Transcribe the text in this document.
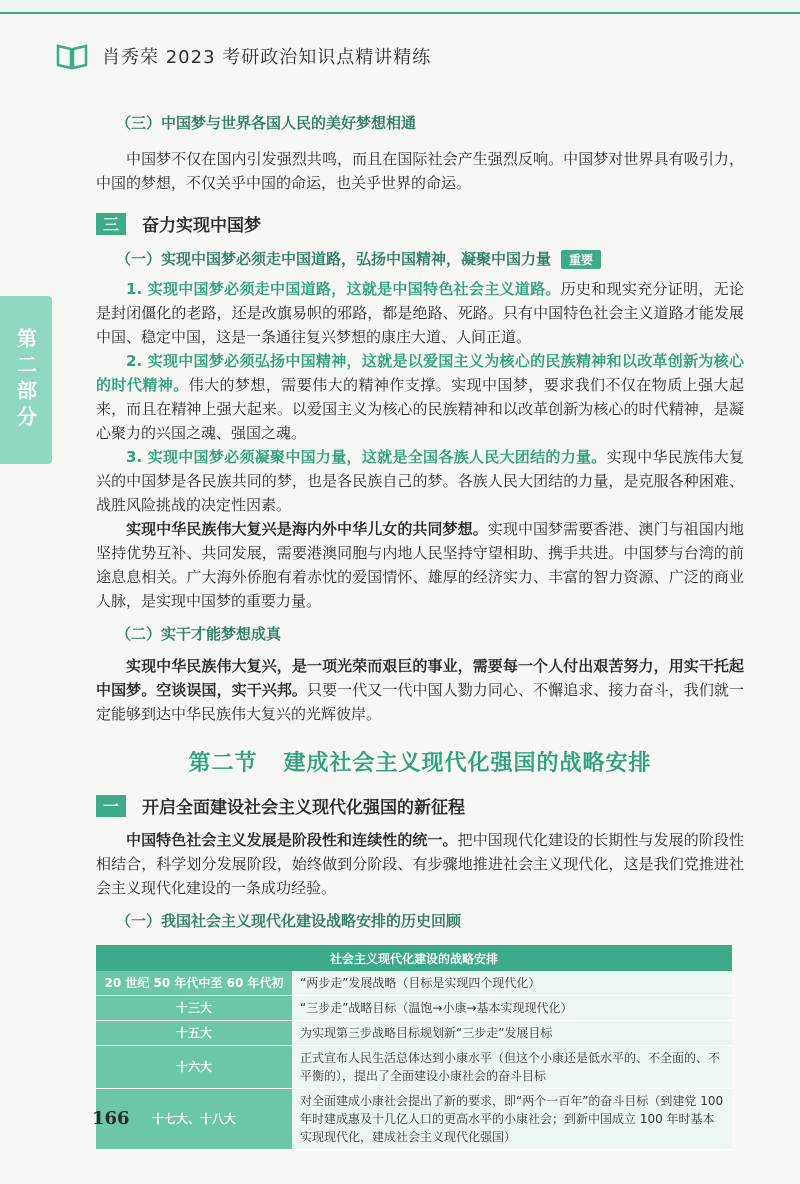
肖秀荣 2023 考研政治知识点精讲精练
第二部分
（三）中国梦与世界各国人民的美好梦想相通

中国梦不仅在国内引发强烈共鸣，而且在国际社会产生强烈反响。中国梦对世界具有吸引力，中国的梦想，不仅关乎中国的命运，也关乎世界的命运。

三	奋力实现中国梦
（一）实现中国梦必须走中国道路，弘扬中国精神，凝聚中国力量 重要

1. 实现中国梦必须走中国道路，这就是中国特色社会主义道路。历史和现实充分证明，无论是封闭僵化的老路，还是改旗易帜的邪路，都是绝路、死路。只有中国特色社会主义道路才能发展中国、稳定中国，这是一条通往复兴梦想的康庄大道、人间正道。

2. 实现中国梦必须弘扬中国精神，这就是以爱国主义为核心的民族精神和以改革创新为核心的时代精神。伟大的梦想，需要伟大的精神作支撑。实现中国梦，要求我们不仅在物质上强大起来，而且在精神上强大起来。以爱国主义为核心的民族精神和以改革创新为核心的时代精神，是凝心聚力的兴国之魂、强国之魂。

3. 实现中国梦必须凝聚中国力量，这就是全国各族人民大团结的力量。实现中华民族伟大复兴的中国梦是各民族共同的梦，也是各民族自己的梦。各族人民大团结的力量，是克服各种困难、战胜风险挑战的决定性因素。

实现中华民族伟大复兴是海内外中华儿女的共同梦想。实现中国梦需要香港、澳门与祖国内地坚持优势互补、共同发展，需要港澳同胞与内地人民坚持守望相助、携手共进。中国梦与台湾的前途息息相关。广大海外侨胞有着赤忱的爱国情怀、雄厚的经济实力、丰富的智力资源、广泛的商业人脉，是实现中国梦的重要力量。

（二）实干才能梦想成真

实现中华民族伟大复兴，是一项光荣而艰巨的事业，需要每一个人付出艰苦努力，用实干托起中国梦。空谈误国，实干兴邦。只要一代又一代中国人勠力同心、不懈追求、接力奋斗，我们就一定能够到达中华民族伟大复兴的光辉彼岸。

第二节 建成社会主义现代化强国的战略安排
一	开启全面建设社会主义现代化强国的新征程

中国特色社会主义发展是阶段性和连续性的统一。把中国现代化建设的长期性与发展的阶段性相结合，科学划分发展阶段，始终做到分阶段、有步骤地推进社会主义现代化，这是我们党推进社会主义现代化建设的一条成功经验。

（一）我国社会主义现代化建设战略安排的历史回顾
社会主义现代化建设的战略安排	
20 世纪 50 年代中至 60 年代初	“两步走”发展战略（目标是实现四个现代化）
十三大	“三步走”战略目标（温饱→小康→基本实现现代化）
十五大	为实现第三步战略目标规划新“三步走”发展目标
十六大	正式宣布人民生活总体达到小康水平（但这个小康还是低水平的、不全面的、不平衡的），提出了全面建设小康社会的奋斗目标
十七大、十八大	对全面建成小康社会提出了新的要求，即“两个一百年”的奋斗目标（到建党 100 年时建成惠及十几亿人口的更高水平的小康社会；到新中国成立 100 年时基本实现现代化，建成社会主义现代化强国）
166
